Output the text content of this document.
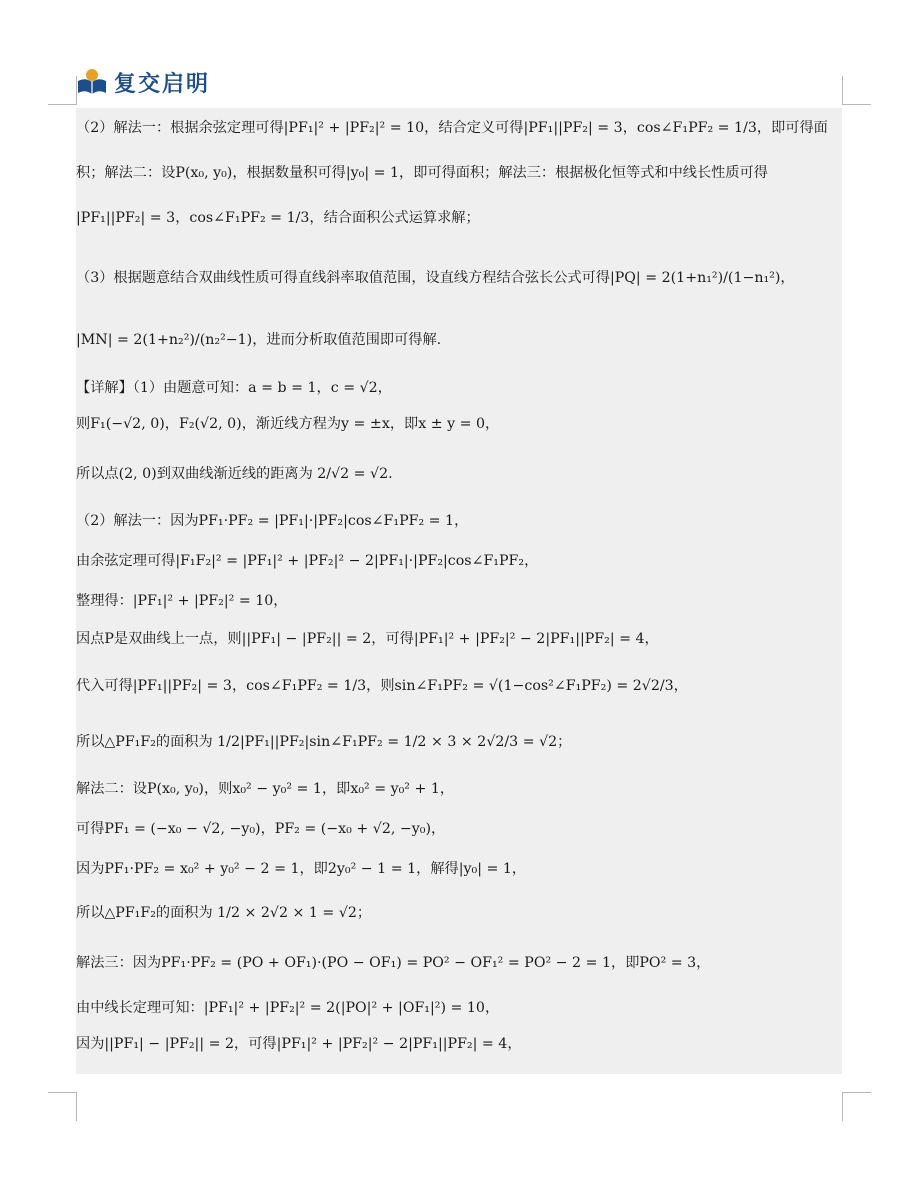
复交启明
（2）解法一：根据余弦定理可得|PF₁|² + |PF₂|² = 10，结合定义可得|PF₁||PF₂| = 3，cos∠F₁PF₂ = 1/3，即可得面
积；解法二：设P(x₀, y₀)，根据数量积可得|y₀| = 1，即可得面积；解法三：根据极化恒等式和中线长性质可得
|PF₁||PF₂| = 3，cos∠F₁PF₂ = 1/3，结合面积公式运算求解；
（3）根据题意结合双曲线性质可得直线斜率取值范围，设直线方程结合弦长公式可得|PQ| = 2(1+n₁²)/(1−n₁²)，
|MN| = 2(1+n₂²)/(n₂²−1)，进而分析取值范围即可得解.
【详解】（1）由题意可知：a = b = 1，c = √2，
则F₁(−√2, 0)，F₂(√2, 0)，渐近线方程为y = ±x，即x ± y = 0，
所以点(2, 0)到双曲线渐近线的距离为 2/√2 = √2.
（2）解法一：因为PF₁·PF₂ = |PF₁|·|PF₂|cos∠F₁PF₂ = 1，
由余弦定理可得|F₁F₂|² = |PF₁|² + |PF₂|² − 2|PF₁|·|PF₂|cos∠F₁PF₂，
整理得：|PF₁|² + |PF₂|² = 10，
因点P是双曲线上一点，则||PF₁| − |PF₂|| = 2，可得|PF₁|² + |PF₂|² − 2|PF₁||PF₂| = 4，
代入可得|PF₁||PF₂| = 3，cos∠F₁PF₂ = 1/3，则sin∠F₁PF₂ = √(1−cos²∠F₁PF₂) = 2√2/3，
所以△PF₁F₂的面积为 1/2|PF₁||PF₂|sin∠F₁PF₂ = 1/2 × 3 × 2√2/3 = √2；
解法二：设P(x₀, y₀)，则x₀² − y₀² = 1，即x₀² = y₀² + 1，
可得PF₁ = (−x₀ − √2, −y₀)，PF₂ = (−x₀ + √2, −y₀)，
因为PF₁·PF₂ = x₀² + y₀² − 2 = 1，即2y₀² − 1 = 1，解得|y₀| = 1，
所以△PF₁F₂的面积为 1/2 × 2√2 × 1 = √2；
解法三：因为PF₁·PF₂ = (PO + OF₁)·(PO − OF₁) = PO² − OF₁² = PO² − 2 = 1，即PO² = 3，
由中线长定理可知：|PF₁|² + |PF₂|² = 2(|PO|² + |OF₁|²) = 10，
因为||PF₁| − |PF₂|| = 2，可得|PF₁|² + |PF₂|² − 2|PF₁||PF₂| = 4，
